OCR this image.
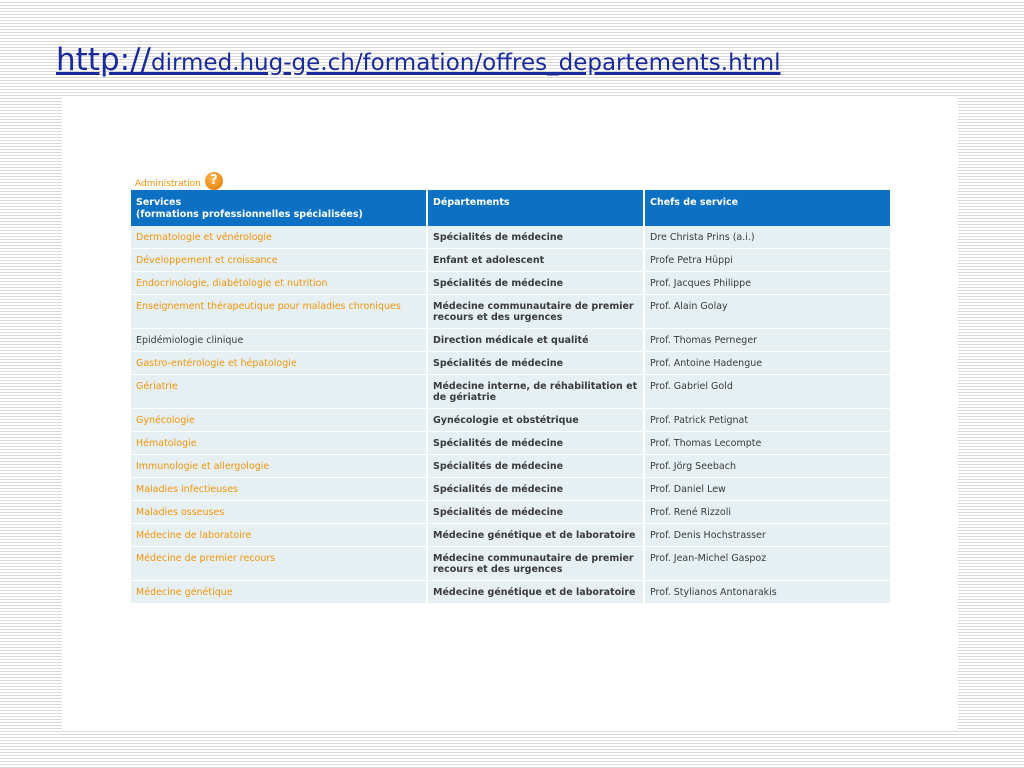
http://dirmed.hug-ge.ch/formation/offres_departements.html
Administration ?
Services
(formations professionnelles spécialisées)	Départements	Chefs de service
Dermatologie et vénérologie	Spécialités de médecine	Dre Christa Prins (a.i.)
Développement et croissance	Enfant et adolescent	Profe Petra Hüppi
Endocrinologie, diabétologie et nutrition	Spécialités de médecine	Prof. Jacques Philippe
Enseignement thérapeutique pour maladies chroniques	Médecine communautaire de premier recours et des urgences	Prof. Alain Golay
Epidémiologie clinique	Direction médicale et qualité	Prof. Thomas Perneger
Gastro-entérologie et hépatologie	Spécialités de médecine	Prof. Antoine Hadengue
Gériatrie	Médecine interne, de réhabilitation et de gériatrie	Prof. Gabriel Gold
Gynécologie	Gynécologie et obstétrique	Prof. Patrick Petignat
Hématologie	Spécialités de médecine	Prof. Thomas Lecompte
Immunologie et allergologie	Spécialités de médecine	Prof. Jörg Seebach
Maladies infectieuses	Spécialités de médecine	Prof. Daniel Lew
Maladies osseuses	Spécialités de médecine	Prof. René Rizzoli
Médecine de laboratoire	Médecine génétique et de laboratoire	Prof. Denis Hochstrasser
Médecine de premier recours	Médecine communautaire de premier recours et des urgences	Prof. Jean-Michel Gaspoz
Médecine génétique	Médecine génétique et de laboratoire	Prof. Stylianos Antonarakis
